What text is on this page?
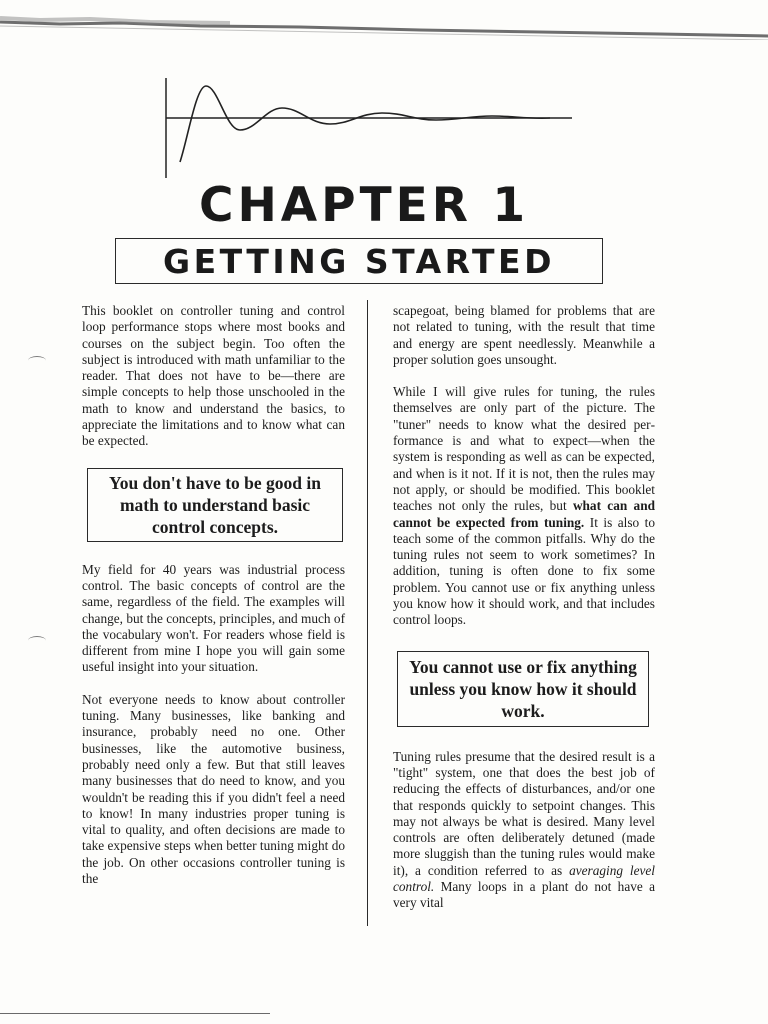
CHAPTER 1
GETTING STARTED

This booklet on controller tuning and control loop performance stops where most books and courses on the subject begin. Too often the subject is introduced with math unfamiliar to the reader. That does not have to be—there are simple concepts to help those unschooled in the math to know and understand the basics, to appreciate the limitations and to know what can be expected.

You don't have to be good in math to understand basic control concepts.

My field for 40 years was industrial process control. The basic concepts of control are the same, regardless of the field. The examples will change, but the concepts, principles, and much of the vocabulary won't. For readers whose field is different from mine I hope you will gain some useful insight into your situation.

Not everyone needs to know about controller tuning. Many businesses, like banking and insurance, probably need no one. Other businesses, like the automotive business, probably need only a few. But that still leaves many businesses that do need to know, and you wouldn't be reading this if you didn't feel a need to know! In many industries proper tuning is vital to quality, and often decisions are made to take expensive steps when better tuning might do the job. On other occasions controller tuning is the

scapegoat, being blamed for problems that are not related to tuning, with the result that time and energy are spent needlessly. Meanwhile a proper solution goes unsought.

While I will give rules for tuning, the rules themselves are only part of the picture. The "tuner" needs to know what the desired performance is and what to expect—when the system is responding as well as can be expected, and when is it not. If it is not, then the rules may not apply, or should be modified. This booklet teaches not only the rules, but what can and cannot be expected from tuning. It is also to teach some of the common pitfalls. Why do the tuning rules not seem to work sometimes? In addition, tuning is often done to fix some problem. You cannot use or fix anything unless you know how it should work, and that includes control loops.

You cannot use or fix anything unless you know how it should work.

Tuning rules presume that the desired result is a "tight" system, one that does the best job of reducing the effects of disturbances, and/or one that responds quickly to setpoint changes. This may not always be what is desired. Many level controls are often deliberately detuned (made more sluggish than the tuning rules would make it), a condition referred to as averaging level control. Many loops in a plant do not have a very vital
